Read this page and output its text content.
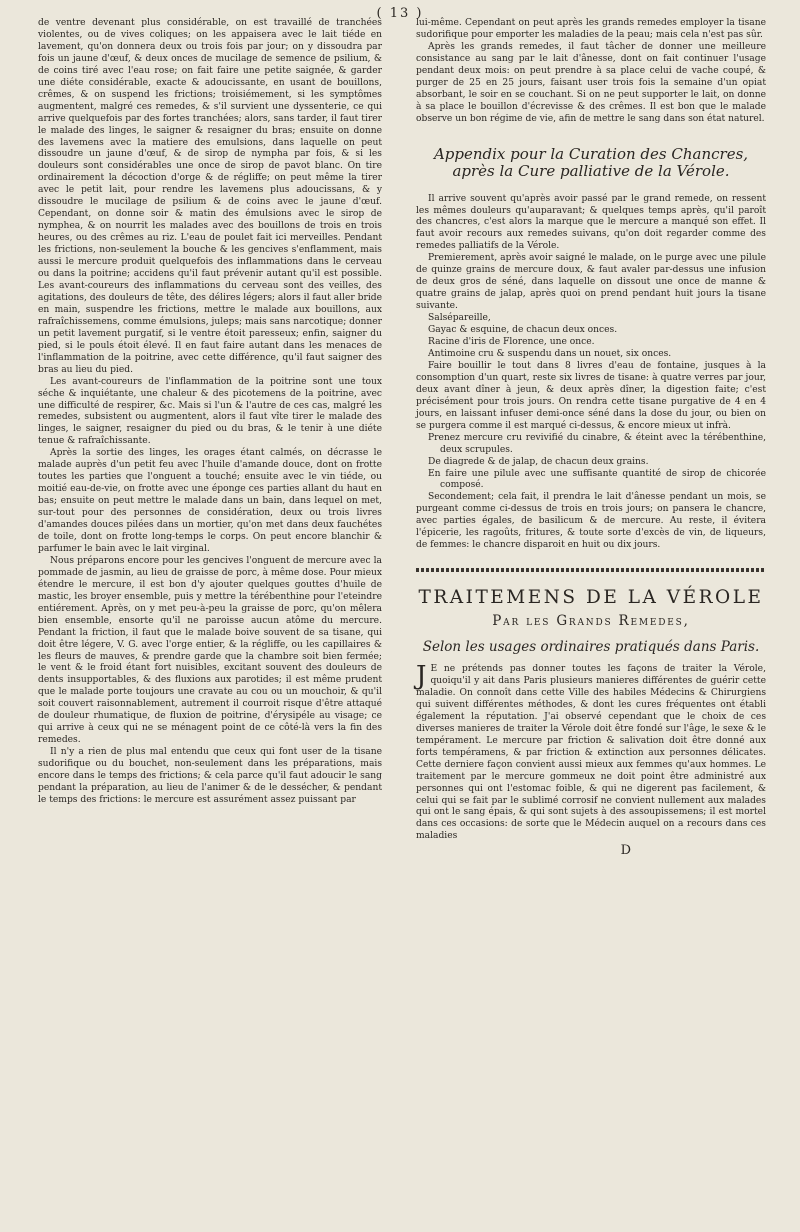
( 13 )

de ventre devenant plus considérable, on est travaillé de tranchées violentes, ou de vives coliques; on les appaisera avec le lait tiéde en lavement, qu'on donnera deux ou trois fois par jour; on y dissoudra par fois un jaune d'œuf, & deux onces de mucilage de semence de psilium, & de coins tiré avec l'eau rose; on fait faire une petite saignée, & garder une diéte considérable, exacte & adoucissante, en usant de bouillons, crêmes, & on suspend les frictions; troisiémement, si les symptômes augmentent, malgré ces remedes, & s'il survient une dyssenterie, ce qui arrive quelquefois par des fortes tranchées; alors, sans tarder, il faut tirer le malade des linges, le saigner & resaigner du bras; ensuite on donne des lavemens avec la matiere des emulsions, dans laquelle on peut dissoudre un jaune d'œuf, & de sirop de nympha par fois, & si les douleurs sont considérables une once de sirop de pavot blanc. On tire ordinairement la décoction d'orge & de régliffe; on peut même la tirer avec le petit lait, pour rendre les lavemens plus adoucissans, & y dissoudre le mucilage de psilium & de coins avec le jaune d'œuf. Cependant, on donne soir & matin des émulsions avec le sirop de nymphea, & on nourrit les malades avec des bouillons de trois en trois heures, ou des crêmes au riz. L'eau de poulet fait ici merveilles. Pendant les frictions, non-seulement la bouche & les gencives s'enflamment, mais aussi le mercure produit quelquefois des inflammations dans le cerveau ou dans la poitrine; accidens qu'il faut prévenir autant qu'il est possible. Les avant-coureurs des inflammations du cerveau sont des veilles, des agitations, des douleurs de tête, des délires légers; alors il faut aller bride en main, suspendre les frictions, mettre le malade aux bouillons, aux rafraîchissemens, comme émulsions, juleps; mais sans narcotique; donner un petit lavement purgatif, si le ventre étoit paresseux; enfin, saigner du pied, si le pouls étoit élevé. Il en faut faire autant dans les menaces de l'inflammation de la poitrine, avec cette différence, qu'il faut saigner des bras au lieu du pied.

Les avant-coureurs de l'inflammation de la poitrine sont une toux séche & inquiétante, une chaleur & des picotemens de la poitrine, avec une difficulté de respirer, &c. Mais si l'un & l'autre de ces cas, malgré les remedes, subsistent ou augmentent, alors il faut vîte tirer le malade des linges, le saigner, resaigner du pied ou du bras, & le tenir à une diéte tenue & rafraîchissante.

Après la sortie des linges, les orages étant calmés, on décrasse le malade auprès d'un petit feu avec l'huile d'amande douce, dont on frotte toutes les parties que l'onguent a touché; ensuite avec le vin tiéde, ou moitié eau-de-vie, on frotte avec une éponge ces parties allant du haut en bas; ensuite on peut mettre le malade dans un bain, dans lequel on met, sur-tout pour des personnes de considération, deux ou trois livres d'amandes douces pilées dans un mortier, qu'on met dans deux fauchétes de toile, dont on frotte long-temps le corps. On peut encore blanchir & parfumer le bain avec le lait virginal.

Nous préparons encore pour les gencives l'onguent de mercure avec la pommade de jasmin, au lieu de graisse de porc, à même dose. Pour mieux étendre le mercure, il est bon d'y ajouter quelques gouttes d'huile de mastic, les broyer ensemble, puis y mettre la térébenthine pour l'eteindre entiérement. Après, on y met peu-à-peu la graisse de porc, qu'on mêlera bien ensemble, ensorte qu'il ne paroisse aucun atôme du mercure. Pendant la friction, il faut que le malade boive souvent de sa tisane, qui doit être légere, V. G. avec l'orge entier, & la régliffe, ou les capillaires & les fleurs de mauves, & prendre garde que la chambre soit bien fermée; le vent & le froid étant fort nuisibles, excitant souvent des douleurs de dents insupportables, & des fluxions aux parotides; il est même prudent que le malade porte toujours une cravate au cou ou un mouchoir, & qu'il soit couvert raisonnablement, autrement il courroit risque d'être attaqué de douleur rhumatique, de fluxion de poitrine, d'érysipéle au visage; ce qui arrive à ceux qui ne se ménagent point de ce côté-là vers la fin des remedes.

Il n'y a rien de plus mal entendu que ceux qui font user de la tisane sudorifique ou du bouchet, non-seulement dans les préparations, mais encore dans le temps des frictions; & cela parce qu'il faut adoucir le sang pendant la préparation, au lieu de l'animer & de le dessécher, & pendant le temps des frictions: le mercure est assurément assez puissant par

lui-même. Cependant on peut après les grands remedes employer la tisane sudorifique pour emporter les maladies de la peau; mais cela n'est pas sûr.

Après les grands remedes, il faut tâcher de donner une meilleure consistance au sang par le lait d'ânesse, dont on fait continuer l'usage pendant deux mois: on peut prendre à sa place celui de vache coupé, & purger de 25 en 25 jours, faisant user trois fois la semaine d'un opiat absorbant, le soir en se couchant. Si on ne peut supporter le lait, on donne à sa place le bouillon d'écrevisse & des crêmes. Il est bon que le malade observe un bon régime de vie, afin de mettre le sang dans son état naturel.

Appendix pour la Curation des Chancres, après la Cure palliative de la Vérole.

Il arrive souvent qu'après avoir passé par le grand remede, on ressent les mêmes douleurs qu'auparavant; & quelques temps après, qu'il paroît des chancres, c'est alors la marque que le mercure a manqué son effet. Il faut avoir recours aux remedes suivans, qu'on doit regarder comme des remedes palliatifs de la Vérole.

Premierement, après avoir saigné le malade, on le purge avec une pilule de quinze grains de mercure doux, & faut avaler par-dessus une infusion de deux gros de séné, dans laquelle on dissout une once de manne & quatre grains de jalap, après quoi on prend pendant huit jours la tisane suivante.

Salsépareille,

Gayac & esquine, de chacun deux onces.

Racine d'iris de Florence, une once.

Antimoine cru & suspendu dans un nouet, six onces.

Faire bouillir le tout dans 8 livres d'eau de fontaine, jusques à la consomption d'un quart, reste six livres de tisane: à quatre verres par jour, deux avant dîner à jeun, & deux après dîner, la digestion faite; c'est précisément pour trois jours. On rendra cette tisane purgative de 4 en 4 jours, en laissant infuser demi-once séné dans la dose du jour, ou bien on se purgera comme il est marqué ci-dessus, & encore mieux ut infrà.

Prenez mercure cru revivifié du cinabre, & éteint avec la térébenthine, deux scrupules.

De diagrede & de jalap, de chacun deux grains.

En faire une pilule avec une suffisante quantité de sirop de chicorée composé.

Secondement; cela fait, il prendra le lait d'ânesse pendant un mois, se purgeant comme ci-dessus de trois en trois jours; on pansera le chancre, avec parties égales, de basilicum & de mercure. Au reste, il évitera l'épicerie, les ragoûts, fritures, & toute sorte d'excès de vin, de liqueurs, de femmes: le chancre disparoit en huit ou dix jours.

TRAITEMENS DE LA VÉROLE
Par les Grands Remedes,
Selon les usages ordinaires pratiqués dans Paris.

J E ne prétends pas donner toutes les façons de traiter la Vérole, quoiqu'il y ait dans Paris plusieurs manieres différentes de guérir cette maladie. On connoît dans cette Ville des habiles Médecins & Chirurgiens qui suivent différentes méthodes, & dont les cures fréquentes ont établi également la réputation. J'ai observé cependant que le choix de ces diverses manieres de traiter la Vérole doit être fondé sur l'âge, le sexe & le tempérament. Le mercure par friction & salivation doit être donné aux forts tempéramens, & par friction & extinction aux personnes délicates. Cette derniere façon convient aussi mieux aux femmes qu'aux hommes. Le traitement par le mercure gommeux ne doit point être administré aux personnes qui ont l'estomac foible, & qui ne digerent pas facilement, & celui qui se fait par le sublimé corrosif ne convient nullement aux malades qui ont le sang épais, & qui sont sujets à des assoupissemens; il est mortel dans ces occasions: de sorte que le Médecin auquel on a recours dans ces maladies

D
